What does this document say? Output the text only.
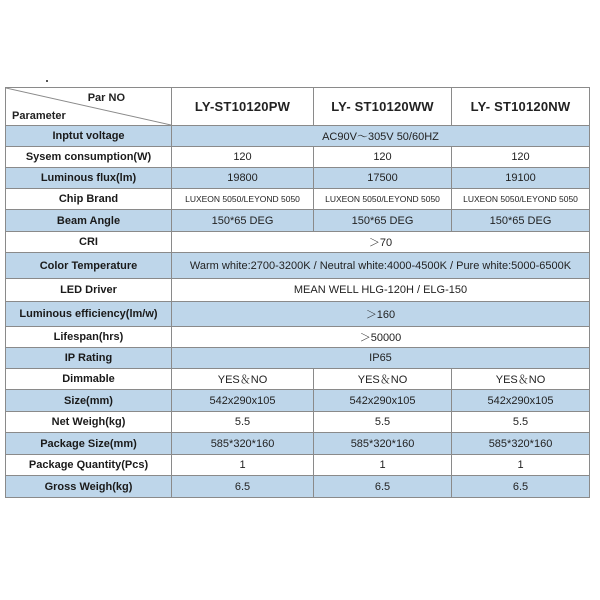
Par NO
Parameter	LY-ST10120PW	LY- ST10120WW	LY- ST10120NW
Inptut voltage	AC90V～305V 50/60HZ		
Sysem consumption(W)	120	120	120
Luminous flux(lm)	19800	17500	19100
Chip Brand	LUXEON 5050/LEYOND 5050	LUXEON 5050/LEYOND 5050	LUXEON 5050/LEYOND 5050
Beam Angle	150*65 DEG	150*65 DEG	150*65 DEG
CRI	＞70		
Color Temperature	Warm white:2700-3200K / Neutral white:4000-4500K / Pure white:5000-6500K		
LED Driver	MEAN WELL HLG-120H / ELG-150		
Luminous efficiency(lm/w)	＞160		
Lifespan(hrs)	＞50000		
IP Rating	IP65		
Dimmable	YES＆NO	YES＆NO	YES＆NO
Size(mm)	542x290x105	542x290x105	542x290x105
Net Weigh(kg)	5.5	5.5	5.5
Package Size(mm)	585*320*160	585*320*160	585*320*160
Package Quantity(Pcs)	1	1	1
Gross Weigh(kg)	6.5	6.5	6.5
